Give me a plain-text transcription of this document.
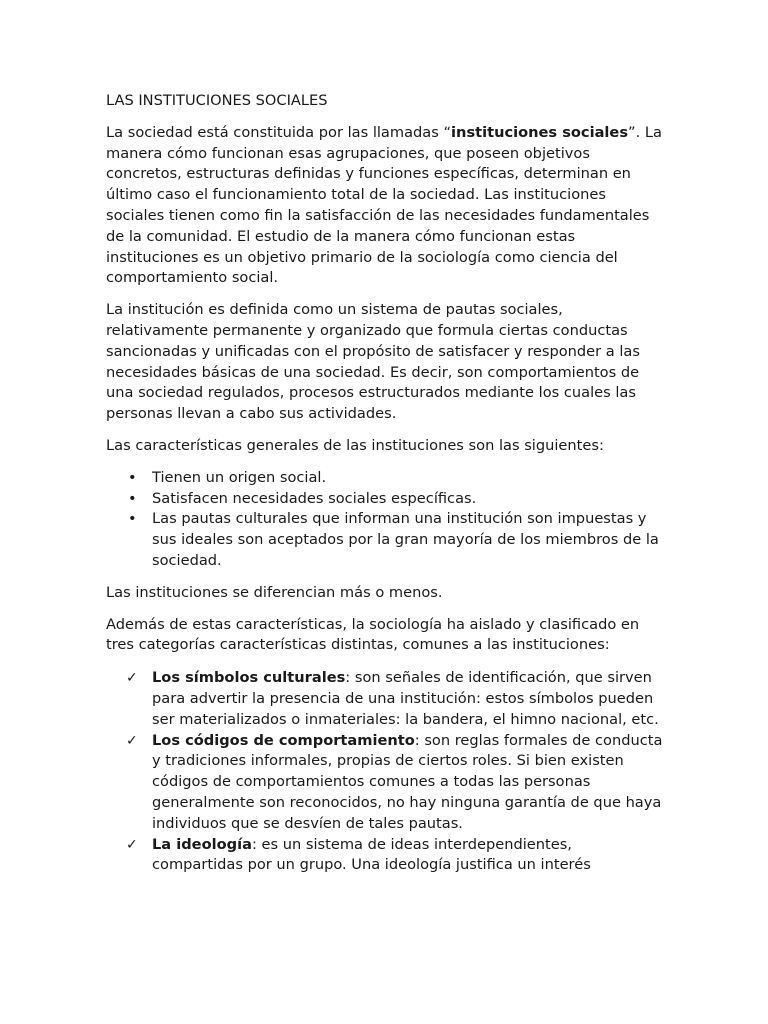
LAS INSTITUCIONES SOCIALES

La sociedad está constituida por las llamadas “instituciones sociales”. La manera cómo funcionan esas agrupaciones, que poseen objetivos concretos, estructuras definidas y funciones específicas, determinan en último caso el funcionamiento total de la sociedad. Las instituciones sociales tienen como fin la satisfacción de las necesidades fundamentales de la comunidad. El estudio de la manera cómo funcionan estas instituciones es un objetivo primario de la sociología como ciencia del comportamiento social.

La institución es definida como un sistema de pautas sociales, relativamente permanente y organizado que formula ciertas conductas sancionadas y unificadas con el propósito de satisfacer y responder a las necesidades básicas de una sociedad. Es decir, son comportamientos de una sociedad regulados, procesos estructurados mediante los cuales las personas llevan a cabo sus actividades.

Las características generales de las instituciones son las siguientes:

•	Tienen un origen social.
•	Satisfacen necesidades sociales específicas.
•	Las pautas culturales que informan una institución son impuestas y sus ideales son aceptados por la gran mayoría de los miembros de la sociedad.

Las instituciones se diferencian más o menos.

Además de estas características, la sociología ha aislado y clasificado en tres categorías características distintas, comunes a las instituciones:

✓ Los símbolos culturales: son señales de identificación, que sirven para advertir la presencia de una institución: estos símbolos pueden ser materializados o inmateriales: la bandera, el himno nacional, etc.
✓ Los códigos de comportamiento: son reglas formales de conducta y tradiciones informales, propias de ciertos roles. Si bien existen códigos de comportamientos comunes a todas las personas generalmente son reconocidos, no hay ninguna garantía de que haya individuos que se desvíen de tales pautas.
✓ La ideología: es un sistema de ideas interdependientes, compartidas por un grupo. Una ideología justifica un interés
